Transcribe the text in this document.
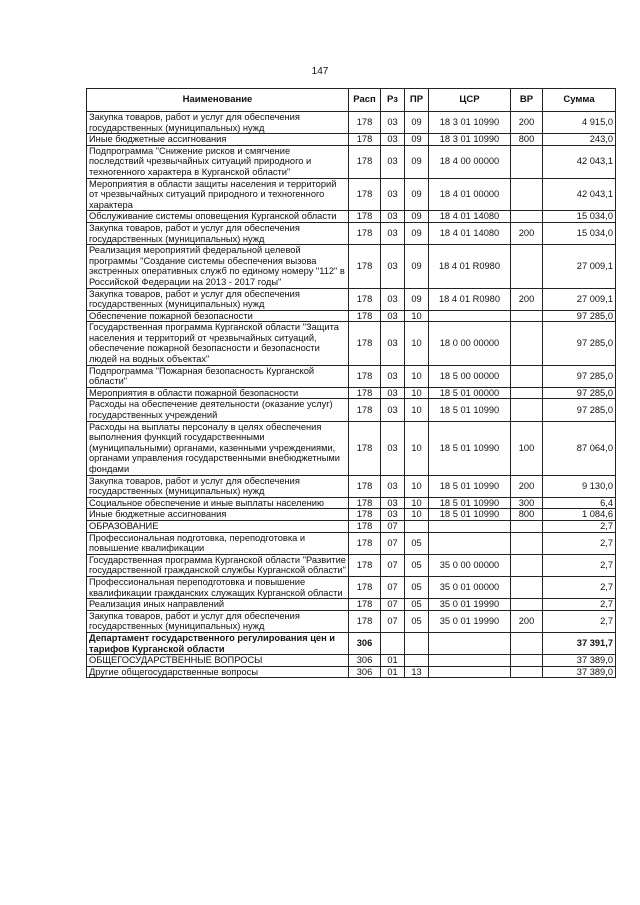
147
Наименование	Расп	Рз	ПР	ЦСР	ВР	Сумма
Закупка товаров, работ и услуг для обеспечения государственных (муниципальных) нужд	178	03	09	18 3 01 10990	200	4 915,0
Иные бюджетные ассигнования	178	03	09	18 3 01 10990	800	243,0
Подпрограмма "Снижение рисков и смягчение последствий чрезвычайных ситуаций природного и техногенного характера в Курганской области"	178	03	09	18 4 00 00000		42 043,1
Мероприятия в области защиты населения и территорий от чрезвычайных ситуаций природного и техногенного характера	178	03	09	18 4 01 00000		42 043,1
Обслуживание системы оповещения Курганской области	178	03	09	18 4 01 14080		15 034,0
Закупка товаров, работ и услуг для обеспечения государственных (муниципальных) нужд	178	03	09	18 4 01 14080	200	15 034,0
Реализация мероприятий федеральной целевой программы "Создание системы обеспечения вызова экстренных оперативных служб по единому номеру "112" в Российской Федерации на 2013 - 2017 годы"	178	03	09	18 4 01 R0980		27 009,1
Закупка товаров, работ и услуг для обеспечения государственных (муниципальных) нужд	178	03	09	18 4 01 R0980	200	27 009,1
Обеспечение пожарной безопасности	178	03	10			97 285,0
Государственная программа Курганской области "Защита населения и территорий от чрезвычайных ситуаций, обеспечение пожарной безопасности и безопасности людей на водных объектах"	178	03	10	18 0 00 00000		97 285,0
Подпрограмма "Пожарная безопасность Курганской области"	178	03	10	18 5 00 00000		97 285,0
Мероприятия в области пожарной безопасности	178	03	10	18 5 01 00000		97 285,0
Расходы на обеспечение деятельности (оказание услуг) государственных учреждений	178	03	10	18 5 01 10990		97 285,0
Расходы на выплаты персоналу в целях обеспечения выполнения функций государственными (муниципальными) органами, казенными учреждениями, органами управления государственными внебюджетными фондами	178	03	10	18 5 01 10990	100	87 064,0
Закупка товаров, работ и услуг для обеспечения государственных (муниципальных) нужд	178	03	10	18 5 01 10990	200	9 130,0
Социальное обеспечение и иные выплаты населению	178	03	10	18 5 01 10990	300	6,4
Иные бюджетные ассигнования	178	03	10	18 5 01 10990	800	1 084,6
ОБРАЗОВАНИЕ	178	07				2,7
Профессиональная подготовка, переподготовка и повышение квалификации	178	07	05			2,7
Государственная программа Курганской области "Развитие государственной гражданской службы Курганской области"	178	07	05	35 0 00 00000		2,7
Профессиональная переподготовка и повышение квалификации гражданских служащих Курганской области	178	07	05	35 0 01 00000		2,7
Реализация иных направлений	178	07	05	35 0 01 19990		2,7
Закупка товаров, работ и услуг для обеспечения государственных (муниципальных) нужд	178	07	05	35 0 01 19990	200	2,7
Департамент государственного регулирования цен и тарифов Курганской области	306					37 391,7
ОБЩЕГОСУДАРСТВЕННЫЕ ВОПРОСЫ	306	01				37 389,0
Другие общегосударственные вопросы	306	01	13			37 389,0
